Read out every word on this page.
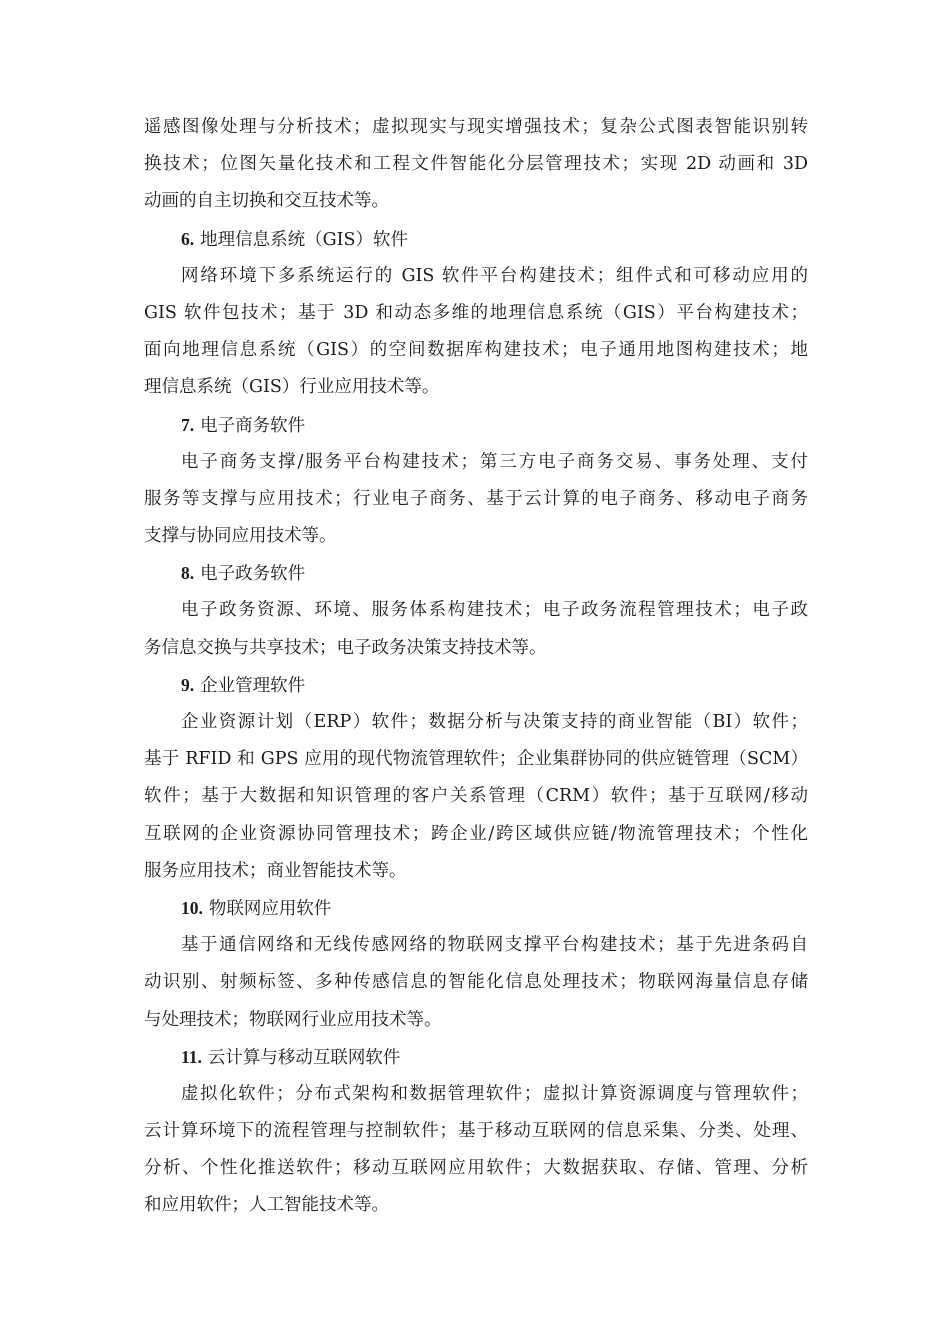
遥感图像处理与分析技术；虚拟现实与现实增强技术；复杂公式图表智能识别转
换技术；位图矢量化技术和工程文件智能化分层管理技术；实现 2D 动画和 3D
动画的自主切换和交互技术等。
6. 地理信息系统（GIS）软件
网络环境下多系统运行的 GIS 软件平台构建技术；组件式和可移动应用的
GIS 软件包技术；基于 3D 和动态多维的地理信息系统（GIS）平台构建技术；
面向地理信息系统（GIS）的空间数据库构建技术；电子通用地图构建技术；地
理信息系统（GIS）行业应用技术等。
7. 电子商务软件
电子商务支撑/服务平台构建技术；第三方电子商务交易、事务处理、支付
服务等支撑与应用技术；行业电子商务、基于云计算的电子商务、移动电子商务
支撑与协同应用技术等。
8. 电子政务软件
电子政务资源、环境、服务体系构建技术；电子政务流程管理技术；电子政
务信息交换与共享技术；电子政务决策支持技术等。
9. 企业管理软件
企业资源计划（ERP）软件；数据分析与决策支持的商业智能（BI）软件；
基于 RFID 和 GPS 应用的现代物流管理软件；企业集群协同的供应链管理（SCM）
软件；基于大数据和知识管理的客户关系管理（CRM）软件；基于互联网/移动
互联网的企业资源协同管理技术；跨企业/跨区域供应链/物流管理技术；个性化
服务应用技术；商业智能技术等。
10. 物联网应用软件
基于通信网络和无线传感网络的物联网支撑平台构建技术；基于先进条码自
动识别、射频标签、多种传感信息的智能化信息处理技术；物联网海量信息存储
与处理技术；物联网行业应用技术等。
11. 云计算与移动互联网软件
虚拟化软件；分布式架构和数据管理软件；虚拟计算资源调度与管理软件；
云计算环境下的流程管理与控制软件；基于移动互联网的信息采集、分类、处理、
分析、个性化推送软件；移动互联网应用软件；大数据获取、存储、管理、分析
和应用软件；人工智能技术等。
